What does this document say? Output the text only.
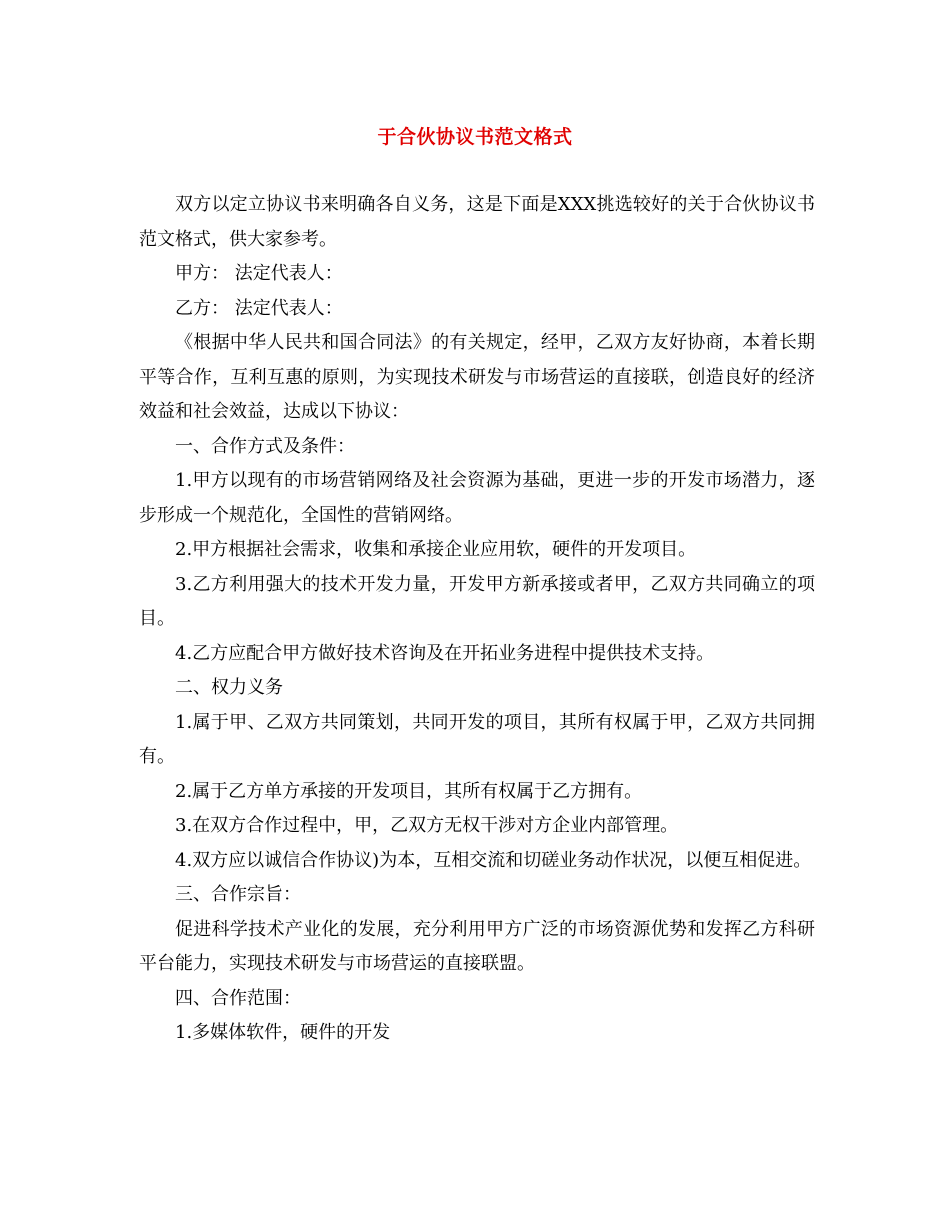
于合伙协议书范文格式

双方以定立协议书来明确各自义务，这是下面是XXX挑选较好的关于合伙协议书范文格式，供大家参考。

甲方： 法定代表人：

乙方： 法定代表人：

《根据中华人民共和国合同法》的有关规定，经甲，乙双方友好协商，本着长期平等合作，互利互惠的原则，为实现技术研发与市场营运的直接联，创造良好的经济效益和社会效益，达成以下协议：

一、合作方式及条件：

1.甲方以现有的市场营销网络及社会资源为基础，更进一步的开发市场潜力，逐步形成一个规范化，全国性的营销网络。

2.甲方根据社会需求，收集和承接企业应用软，硬件的开发项目。

3.乙方利用强大的技术开发力量，开发甲方新承接或者甲，乙双方共同确立的项目。

4.乙方应配合甲方做好技术咨询及在开拓业务进程中提供技术支持。

二、权力义务

1.属于甲、乙双方共同策划，共同开发的项目，其所有权属于甲，乙双方共同拥有。

2.属于乙方单方承接的开发项目，其所有权属于乙方拥有。

3.在双方合作过程中，甲，乙双方无权干涉对方企业内部管理。

4.双方应以诚信合作协议)为本，互相交流和切磋业务动作状况，以便互相促进。

三、合作宗旨：

促进科学技术产业化的发展，充分利用甲方广泛的市场资源优势和发挥乙方科研平台能力，实现技术研发与市场营运的直接联盟。

四、合作范围：

1.多媒体软件，硬件的开发
